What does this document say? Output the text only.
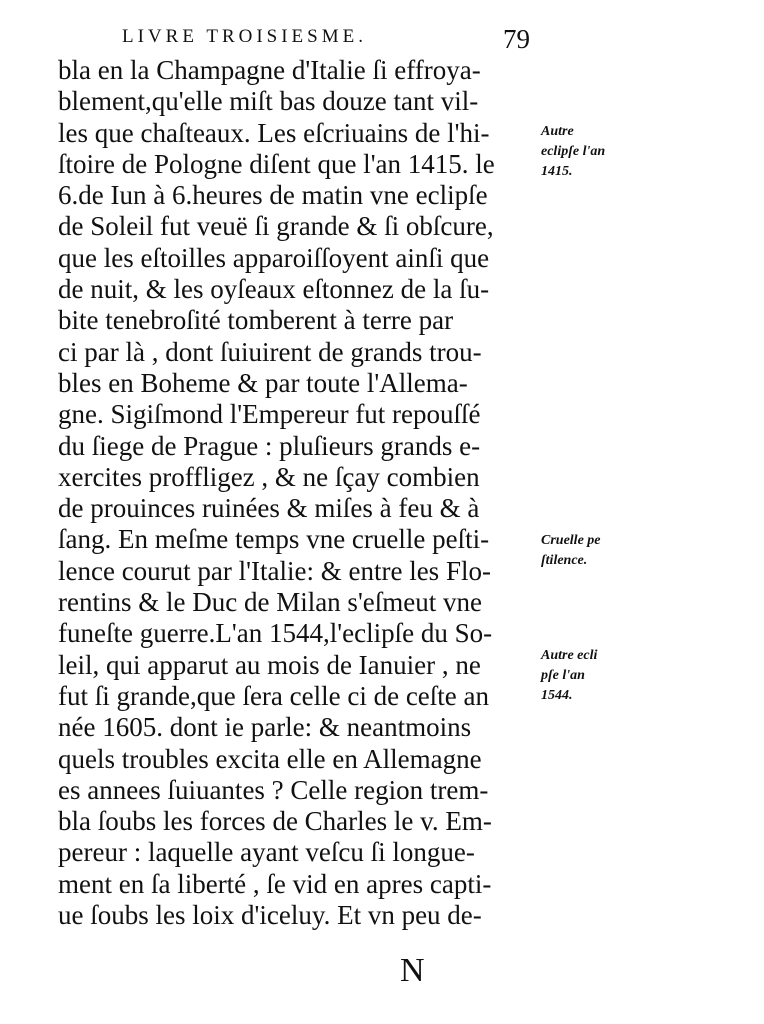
LIVRE TROISIESME.	79
bla en la Champagne d'Italie ſi effroya-
blement,qu'elle miſt bas douze tant vil-
les que chaſteaux. Les eſcriuains de l'hi-
ſtoire de Pologne diſent que l'an 1415. le
6.de Iun à 6.heures de matin vne eclipſe
de Soleil fut veuë ſi grande & ſi obſcure,
que les eſtoilles apparoiſſoyent ainſi que
de nuit, & les oyſeaux eſtonnez de la ſu-
bite tenebroſité tomberent à terre par
ci par là , dont ſuiuirent de grands trou-
bles en Boheme & par toute l'Allema-
gne. Sigiſmond l'Empereur fut repouſſé
du ſiege de Prague : pluſieurs grands e-
xercites proffligez , & ne ſçay combien
de prouinces ruinées & miſes à feu & à
ſang. En meſme temps vne cruelle peſti-
lence courut par l'Italie: & entre les Flo-
rentins & le Duc de Milan s'eſmeut vne
funeſte guerre.L'an 1544,l'eclipſe du So-
leil, qui apparut au mois de Ianuier , ne
fut ſi grande,que ſera celle ci de ceſte an
née 1605. dont ie parle: & neantmoins
quels troubles excita elle en Allemagne
es annees ſuiuantes ? Celle region trem-
bla ſoubs les forces de Charles le v. Em-
pereur : laquelle ayant veſcu ſi longue-
ment en ſa liberté , ſe vid en apres capti-
ue ſoubs les loix d'iceluy. Et vn peu de-
Autre
eclipſe l'an
1415.
Cruelle pe
ſtilence.
Autre ecli
pſe l'an
1544.
N
